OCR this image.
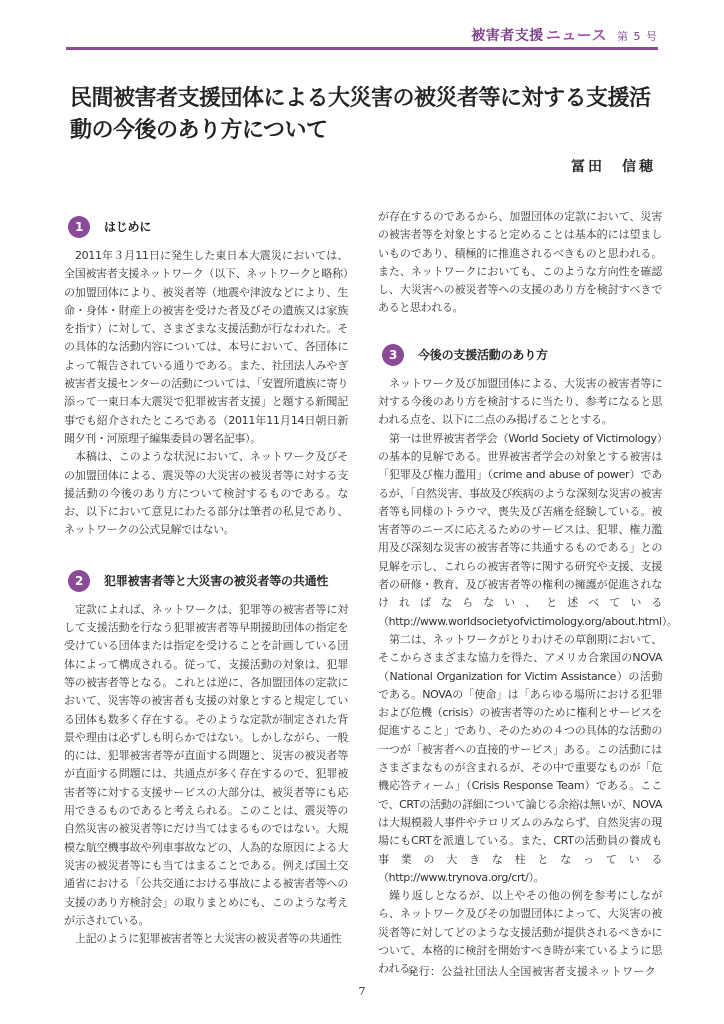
被害者支援 ニュース 第 5 号
民間被害者支援団体による大災害の被災者等に対する支援活動の今後のあり方について
冨田　信穂
1	はじめに

2011年３月11日に発生した東日本大震災においては、全国被害者支援ネットワーク（以下、ネットワークと略称）の加盟団体により、被災者等（地震や津波などにより、生命・身体・財産上の被害を受けた者及びその遺族又は家族を指す）に対して、さまざまな支援活動が行なわれた。その具体的な活動内容については、本号において、各団体によって報告されている通りである。また、社団法人みやぎ被害者支援センターの活動については、「安置所遺族に寄り添って一東日本大震災で犯罪被害者支援」と題する新聞記事でも紹介されたところである（2011年11月14日朝日新聞夕刊・河原理子編集委員の署名記事）。

本稿は、このような状況において、ネットワーク及びその加盟団体による、震災等の大災害の被災者等に対する支援活動の今後のあり方について検討するものである。なお、以下において意見にわたる部分は筆者の私見であり、ネットワークの公式見解ではない。

2	犯罪被害者等と大災害の被災者等の共通性

定款によれば、ネットワークは、犯罪等の被害者等に対して支援活動を行なう犯罪被害者等早期援助団体の指定を受けている団体または指定を受けることを計画している団体によって構成される。従って、支援活動の対象は、犯罪等の被害者等となる。これとは逆に、各加盟団体の定款において、災害等の被害者も支援の対象とすると規定している団体も数多く存在する。そのような定款が制定された背景や理由は必ずしも明らかではない。しかしながら、一般的には、犯罪被害者等が直面する問題と、災害の被災者等が直面する問題には、共通点が多く存在するので、犯罪被害者等に対する支援サービスの大部分は、被災者等にも応用できるものであると考えられる。このことは、震災等の自然災害の被災者等にだけ当てはまるものではない。大規模な航空機事故や列車事故などの、人為的な原因による大災害の被災者等にも当てはまることである。例えば国土交通省における「公共交通における事故による被害者等への支援のあり方検討会」の取りまとめにも、このような考えが示されている。

上記のように犯罪被害者等と大災害の被災者等の共通性

が存在するのであるから、加盟団体の定款において、災害の被害者等を対象とすると定めることは基本的には望ましいものであり、積極的に推進されるべきものと思われる。また、ネットワークにおいても、このような方向性を確認し、大災害への被災者等への支援のあり方を検討すべきであると思われる。

3	今後の支援活動のあり方

ネットワーク及び加盟団体による、大災害の被害者等に対する今後のあり方を検討するに当たり、参考になると思われる点を、以下に二点のみ掲げることとする。

第一は世界被害者学会（World Society of Victimology）の基本的見解である。世界被害者学会の対象とする被害は「犯罪及び権力濫用」（crime and abuse of power）であるが、「自然災害、事故及び疾病のような深刻な災害の被害者等も同様のトラウマ、喪失及び苦痛を経験している。被害者等のニーズに応えるためのサービスは、犯罪、権力濫用及び深刻な災害の被害者等に共通するものである」との見解を示し、これらの被害者等に関する研究や支援、支援者の研修・教育、及び被害者等の権利の擁護が促進されなければならない、と述べている（http://www.worldsocietyofvictimology.org/about.html）。

第二は、ネットワークがとりわけその草創期において、そこからさまざまな協力を得た、アメリカ合衆国のNOVA（National Organization for Victim Assistance）の活動である。NOVAの「使命」は「あらゆる場所における犯罪および危機（crisis）の被害者等のために権利とサービスを促進すること」であり、そのための４つの具体的な活動の一つが「被害者への直接的サービス」ある。この活動にはさまざまなものが含まれるが、その中で重要なものが「危機応答ティーム」（Crisis Response Team）である。ここで、CRTの活動の詳細について論じる余裕は無いが、NOVAは大規模殺人事件やテロリズムのみならず、自然災害の現場にもCRTを派遣している。また、CRTの活動員の養成も事業の大きな柱となっている（http://www.trynova.org/crt/）。

繰り返しとなるが、以上やその他の例を参考にしながら、ネットワーク及びその加盟団体によって、大災害の被災者等に対してどのような支援活動が提供されるべきかについて、本格的に検討を開始すべき時が来ているように思われる。

発行：公益社団法人全国被害者支援ネットワーク
7
